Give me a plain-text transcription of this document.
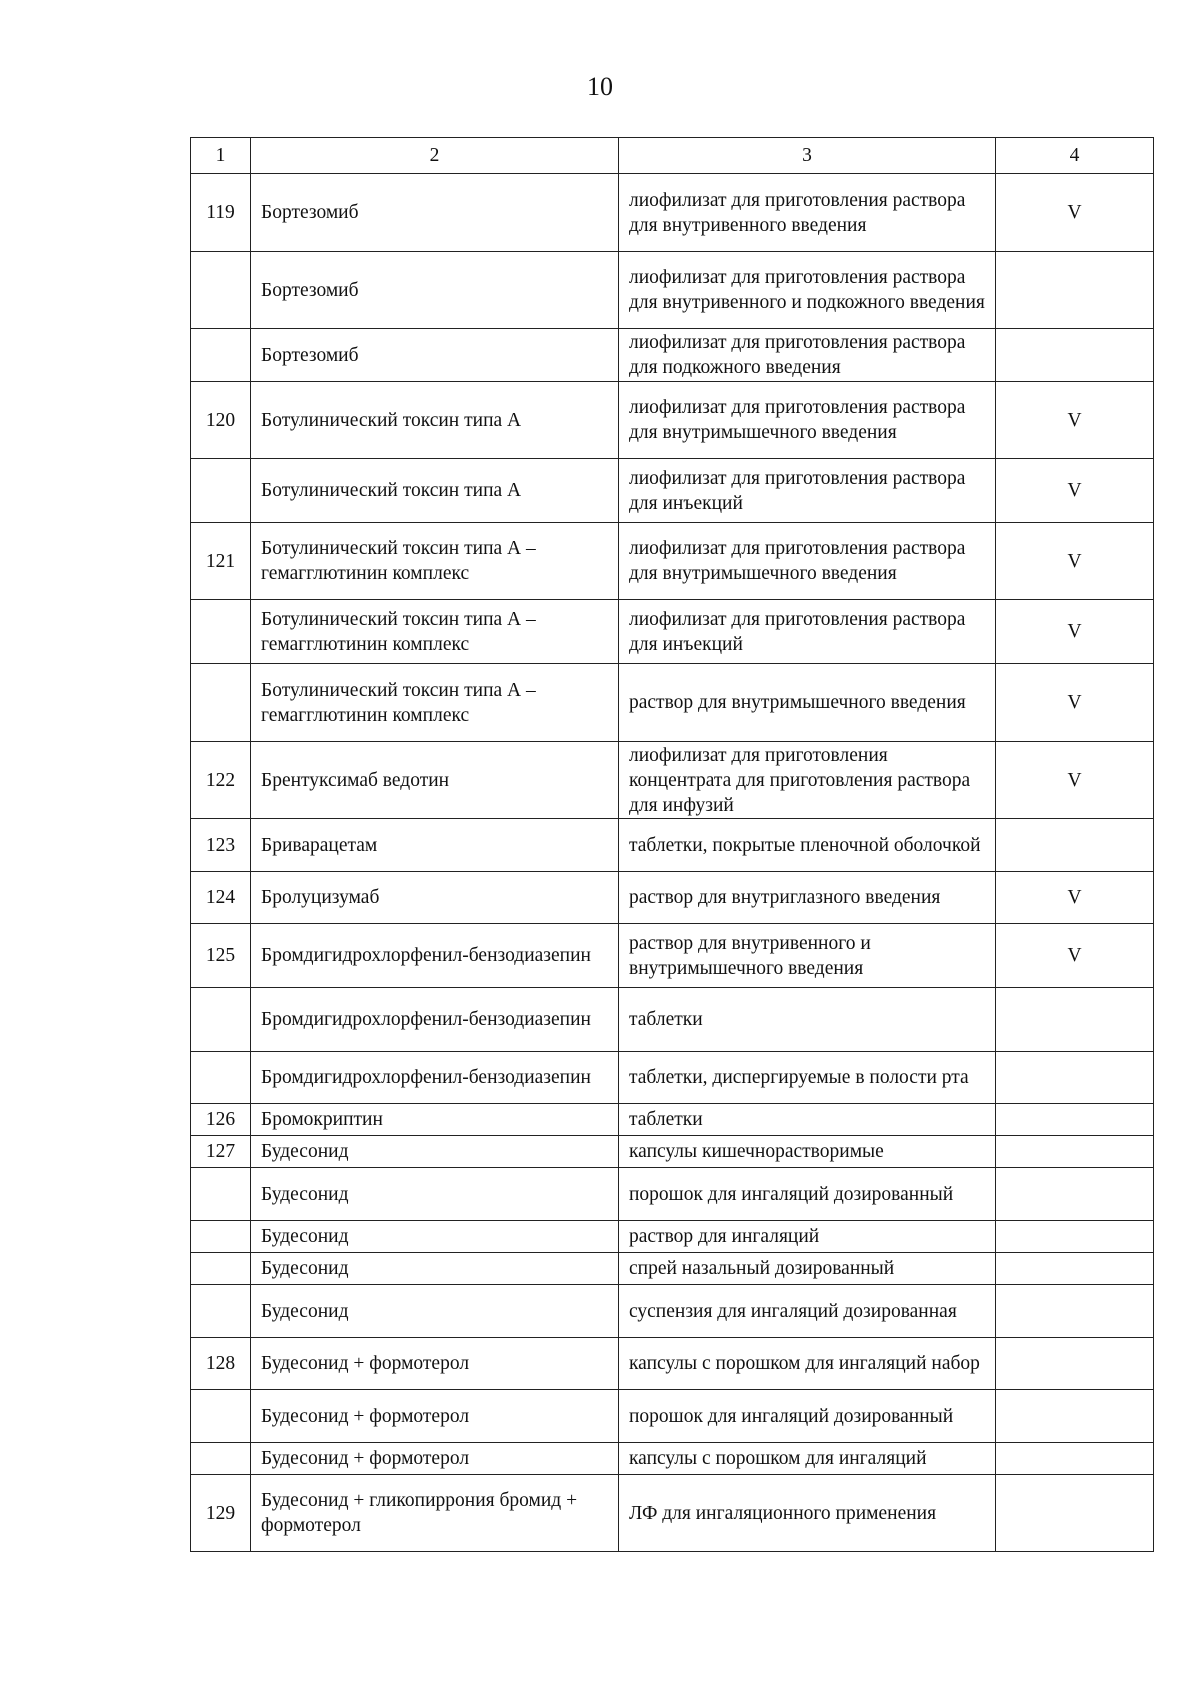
10
1	2	3	4
119	Бортезомиб	лиофилизат для приготовления раствора для внутривенного введения	V
	Бортезомиб	лиофилизат для приготовления раствора для внутривенного и подкожного введения	
	Бортезомиб	лиофилизат для приготовления раствора для подкожного введения	
120	Ботулинический токсин типа А	лиофилизат для приготовления раствора для внутримышечного введения	V
	Ботулинический токсин типа А	лиофилизат для приготовления раствора для инъекций	V
121	Ботулинический токсин типа А – гемагглютинин комплекс	лиофилизат для приготовления раствора для внутримышечного введения	V
	Ботулинический токсин типа А – гемагглютинин комплекс	лиофилизат для приготовления раствора для инъекций	V
	Ботулинический токсин типа А – гемагглютинин комплекс	раствор для внутримышечного введения	V
122	Брентуксимаб ведотин	лиофилизат для приготовления концентрата для приготовления раствора для инфузий	V
123	Бриварацетам	таблетки, покрытые пленочной оболочкой	
124	Бролуцизумаб	раствор для внутриглазного введения	V
125	Бромдигидрохлорфенил-бензодиазепин	раствор для внутривенного и внутримышечного введения	V
	Бромдигидрохлорфенил-бензодиазепин	таблетки	
	Бромдигидрохлорфенил-бензодиазепин	таблетки, диспергируемые в полости рта	
126	Бромокриптин	таблетки	
127	Будесонид	капсулы кишечнорастворимые	
	Будесонид	порошок для ингаляций дозированный	
	Будесонид	раствор для ингаляций	
	Будесонид	спрей назальный дозированный	
	Будесонид	суспензия для ингаляций дозированная	
128	Будесонид + формотерол	капсулы с порошком для ингаляций набор	
	Будесонид + формотерол	порошок для ингаляций дозированный	
	Будесонид + формотерол	капсулы с порошком для ингаляций	
129	Будесонид + гликопиррония бромид + формотерол	ЛФ для ингаляционного применения	
